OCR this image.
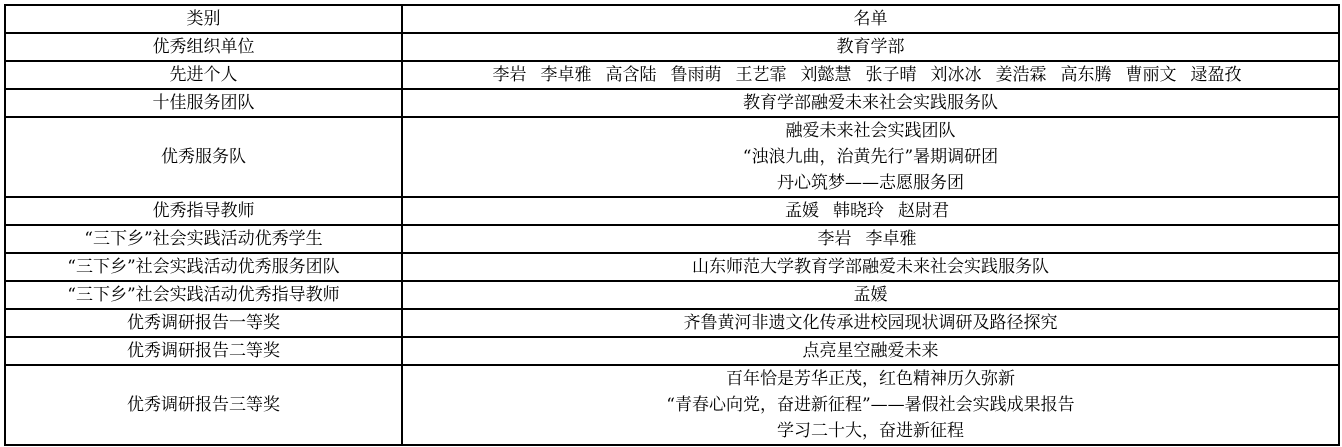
类别	名单
优秀组织单位	教育学部

先进个人	李岩 李卓雅 高含陆 鲁雨萌 王艺霏 刘懿慧 张子晴 刘冰冰 姜浩霖 高东腾 曹丽文 逯盈孜
十佳服务团队	教育学部融爱未来社会实践服务队

优秀服务队	融爱未来社会实践团队
“浊浪九曲，治黄先行”暑期调研团
丹心筑梦——志愿服务团

优秀指导教师	孟媛 韩晓玲 赵尉君
“三下乡”社会实践活动优秀学生	李岩 李卓雅
“三下乡”社会实践活动优秀服务团队	山东师范大学教育学部融爱未来社会实践服务队

“三下乡”社会实践活动优秀指导教师	孟媛

优秀调研报告一等奖	齐鲁黄河非遗文化传承进校园现状调研及路径探究

优秀调研报告二等奖	点亮星空融爱未来

优秀调研报告三等奖	百年恰是芳华正茂，红色精神历久弥新
“青春心向党，奋进新征程”——暑假社会实践成果报告
学习二十大，奋进新征程
